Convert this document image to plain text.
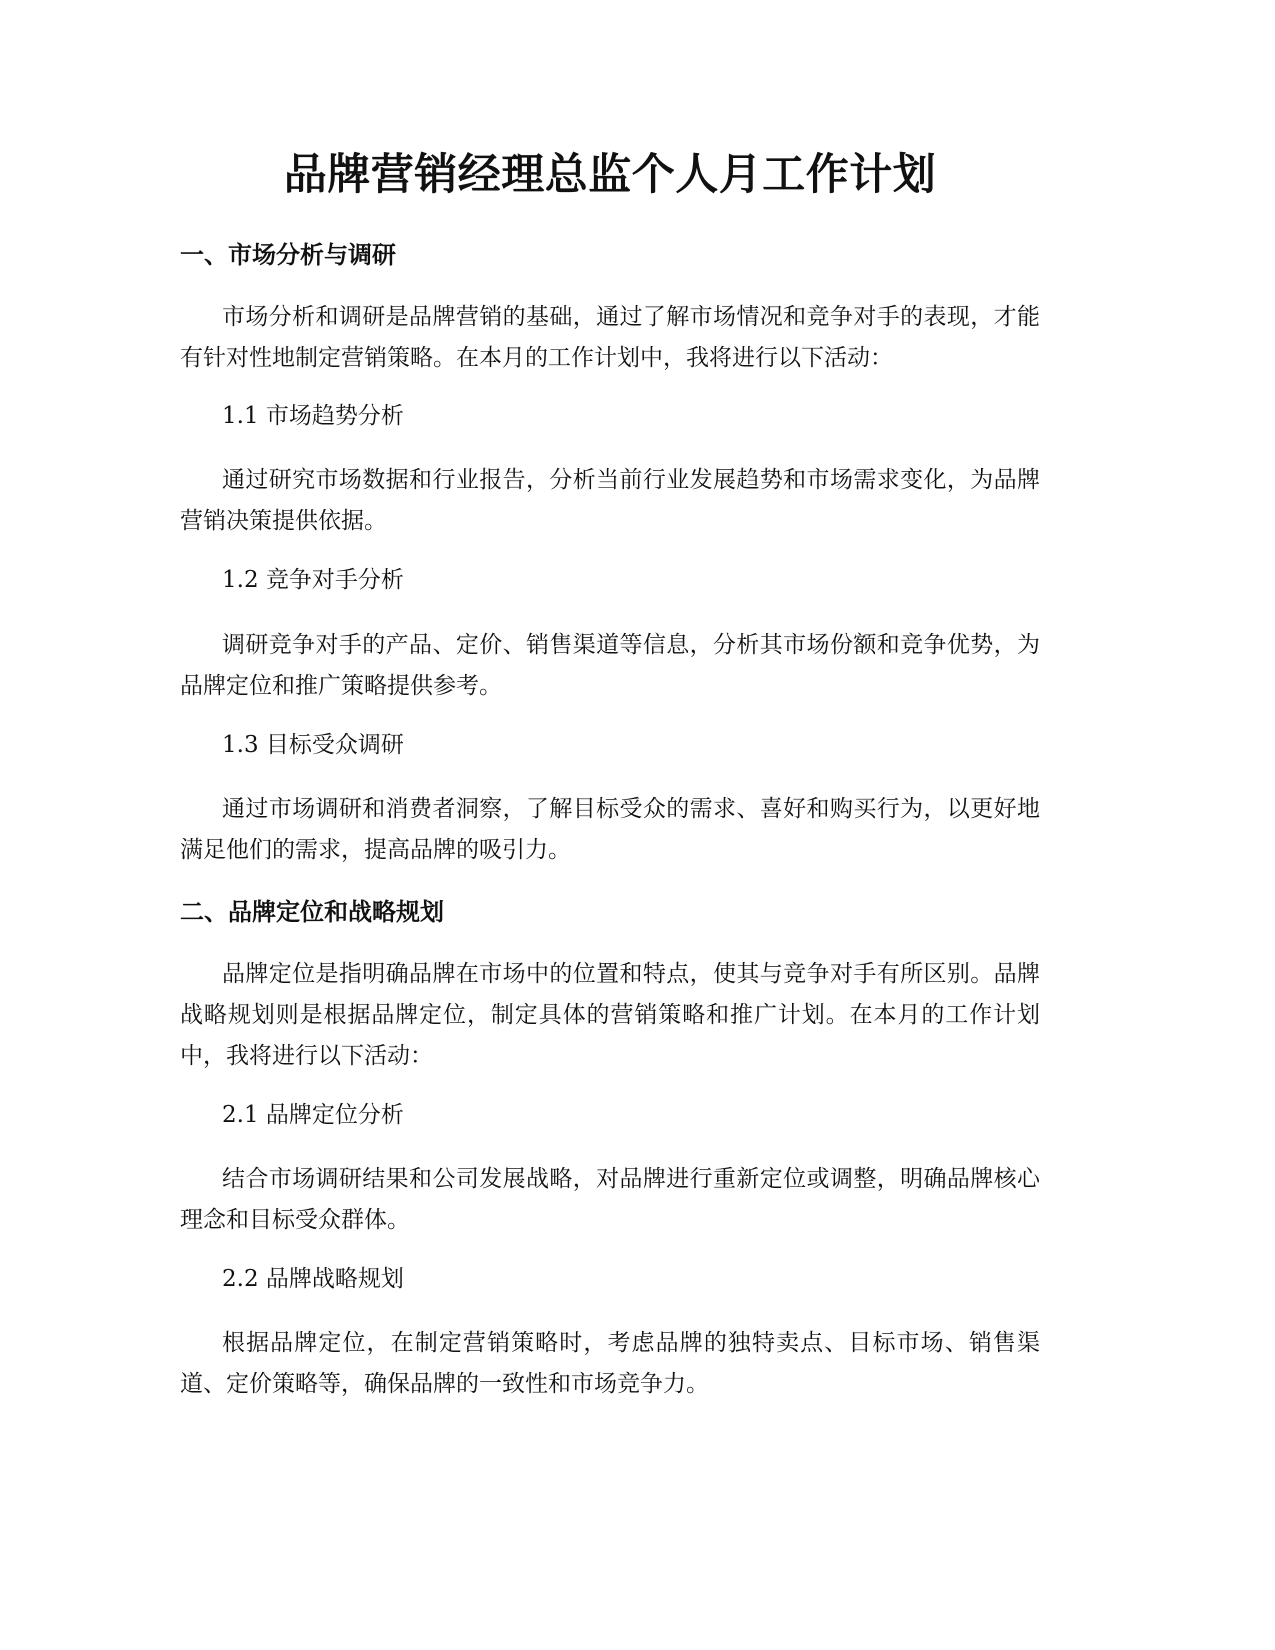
品牌营销经理总监个人月工作计划
一、市场分析与调研

市场分析和调研是品牌营销的基础，通过了解市场情况和竞争对手的表现，才能有针对性地制定营销策略。在本月的工作计划中，我将进行以下活动：

1.1 市场趋势分析

通过研究市场数据和行业报告，分析当前行业发展趋势和市场需求变化，为品牌营销决策提供依据。

1.2 竞争对手分析

调研竞争对手的产品、定价、销售渠道等信息，分析其市场份额和竞争优势，为品牌定位和推广策略提供参考。

1.3 目标受众调研

通过市场调研和消费者洞察，了解目标受众的需求、喜好和购买行为，以更好地满足他们的需求，提高品牌的吸引力。

二、品牌定位和战略规划

品牌定位是指明确品牌在市场中的位置和特点，使其与竞争对手有所区别。品牌战略规划则是根据品牌定位，制定具体的营销策略和推广计划。在本月的工作计划中，我将进行以下活动：

2.1 品牌定位分析

结合市场调研结果和公司发展战略，对品牌进行重新定位或调整，明确品牌核心理念和目标受众群体。

2.2 品牌战略规划

根据品牌定位，在制定营销策略时，考虑品牌的独特卖点、目标市场、销售渠道、定价策略等，确保品牌的一致性和市场竞争力。
